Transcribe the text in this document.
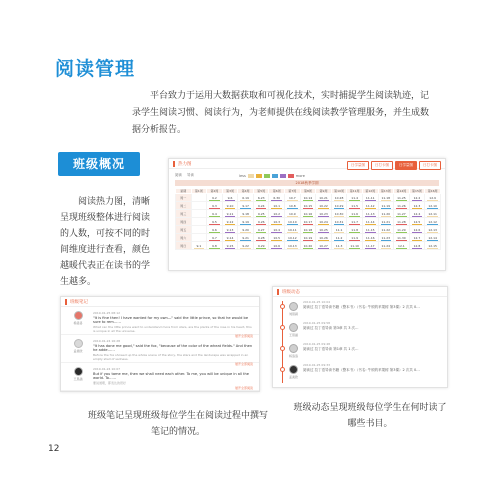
阅读管理
平台致力于运用大数据获取和可视化技术，实时捕捉学生阅读轨迹，记录学生阅读习惯、阅读行为，为老师提供在线阅读教学管理服务，并生成数据分析报告。
班级概况
阅读热力图，清晰呈现班级整体进行阅读的人数，可按不同的时间维度进行查看，颜色越暖代表正在读书的学生越多。
热力图	日学量图	日打卡图	日学量图	日打卡图
阅读 导读	less	more
2018秋季学期
星期	第1周	第2周	第3周	第4周	第5周	第6周	第7周	第8周	第9周	第10周	第11周	第12周	第13周	第14周	第15周	第16周
周一		9.2	9.6	6.19	6.23	6.30	10.7	10.14	10.21	10.28	11.4	11.11	11.18	11.25	12.2	12.9

周二		9.3	9.10	9.17	9.24	10.1	10.8	10.15	10.22	10.29	11.5	11.12	11.19	11.26	12.3	12.10

周三		9.4	9.11	9.18	9.25	10.2	10.9	10.16	10.23	10.30	11.6	11.13	11.20	11.27	12.4	12.11

周四		9.5	9.12	9.19	9.26	10.3	10.10	10.17	10.24	10.31	11.7	11.14	11.21	11.28	12.5	12.12

周五		9.6	9.13	9.20	9.27	10.4	10.11	10.18	10.25	11.1	11.8	11.15	11.22	11.29	12.6	12.13

周六		9.7	9.14	9.21	9.28	10.5	10.12	10.19	10.26	11.2	11.9	11.16	11.23	11.30	12.7	12.14

周日	9.1	9.8	9.15	9.22	9.29	10.6	10.13	10.20	10.27	11.3	11.10	11.17	11.24	12.1	12.8	12.15
班级笔记
杨洛洛
2019-01-25 08:12
"It is fine then! I have wanted for my own—" said the little prince, so that he would be sure to rem……
What can the little prince want to understand more from stars, are the plants of the rose in his heart, this is unique in all the universe.
展开全部阅读
孟美欣
2019-01-24 16:28
"It has done me good," said the fox, "because of the color of the wheat fields." And then he adde……
Before the fox showed up the whole scene of the story, the stars and the landscape was wrapped in an empty shell of sadness.
展开全部阅读
王思涵
2019-01-24 10:07
But if you tame me, then we shall need each other. To me, you will be unique in all the world. To……
要说道理，都表达的很好
展开全部阅读
班级动态
刘思颖
2019-01-25 10:04
阅读过 拉丁语导读书籍（整本书）（书名: 牛顿的苹果树 第3课）2 次共 0…
王思涵
2019-01-25 09:58
阅读过 拉丁语导读 第3章 共 3 次…
杨洛洛
2019-01-25 09:48
阅读过 拉丁语导读 第1章 共 1 次…
孟美欣
2019-01-25 09:33
阅读过 拉丁语导读书籍（整本书）（书名: 牛顿的苹果树 第3课）2 次共 0…
班级笔记呈现班级每位学生在阅读过程中撰写笔记的情况。
班级动态呈现班级每位学生在何时读了哪些书目。
12
